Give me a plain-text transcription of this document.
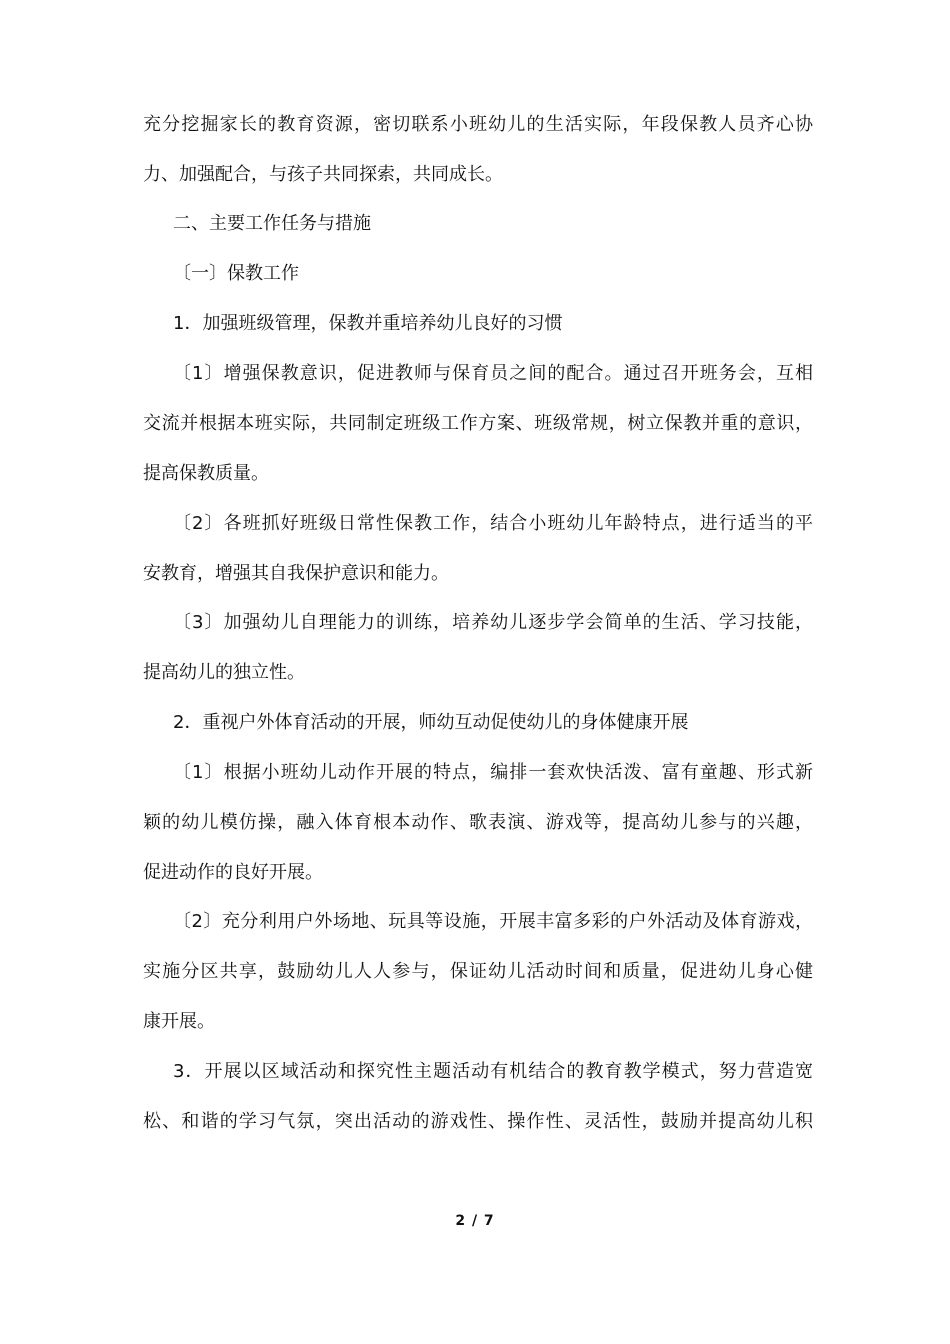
充分挖掘家长的教育资源，密切联系小班幼儿的生活实际，年段保教人员齐心协
力、加强配合，与孩子共同探索，共同成长。
二、主要工作任务与措施
〔一〕保教工作
1．加强班级管理，保教并重培养幼儿良好的习惯
〔1〕增强保教意识，促进教师与保育员之间的配合。通过召开班务会，互相
交流并根据本班实际，共同制定班级工作方案、班级常规，树立保教并重的意识，
提高保教质量。
〔2〕各班抓好班级日常性保教工作，结合小班幼儿年龄特点，进行适当的平
安教育，增强其自我保护意识和能力。
〔3〕加强幼儿自理能力的训练，培养幼儿逐步学会简单的生活、学习技能，
提高幼儿的独立性。
2．重视户外体育活动的开展，师幼互动促使幼儿的身体健康开展
〔1〕根据小班幼儿动作开展的特点，编排一套欢快活泼、富有童趣、形式新
颖的幼儿模仿操，融入体育根本动作、歌表演、游戏等，提高幼儿参与的兴趣，
促进动作的良好开展。
〔2〕充分利用户外场地、玩具等设施，开展丰富多彩的户外活动及体育游戏，
实施分区共享，鼓励幼儿人人参与，保证幼儿活动时间和质量，促进幼儿身心健
康开展。
3．开展以区域活动和探究性主题活动有机结合的教育教学模式，努力营造宽
松、和谐的学习气氛，突出活动的游戏性、操作性、灵活性，鼓励并提高幼儿积
2 / 7
